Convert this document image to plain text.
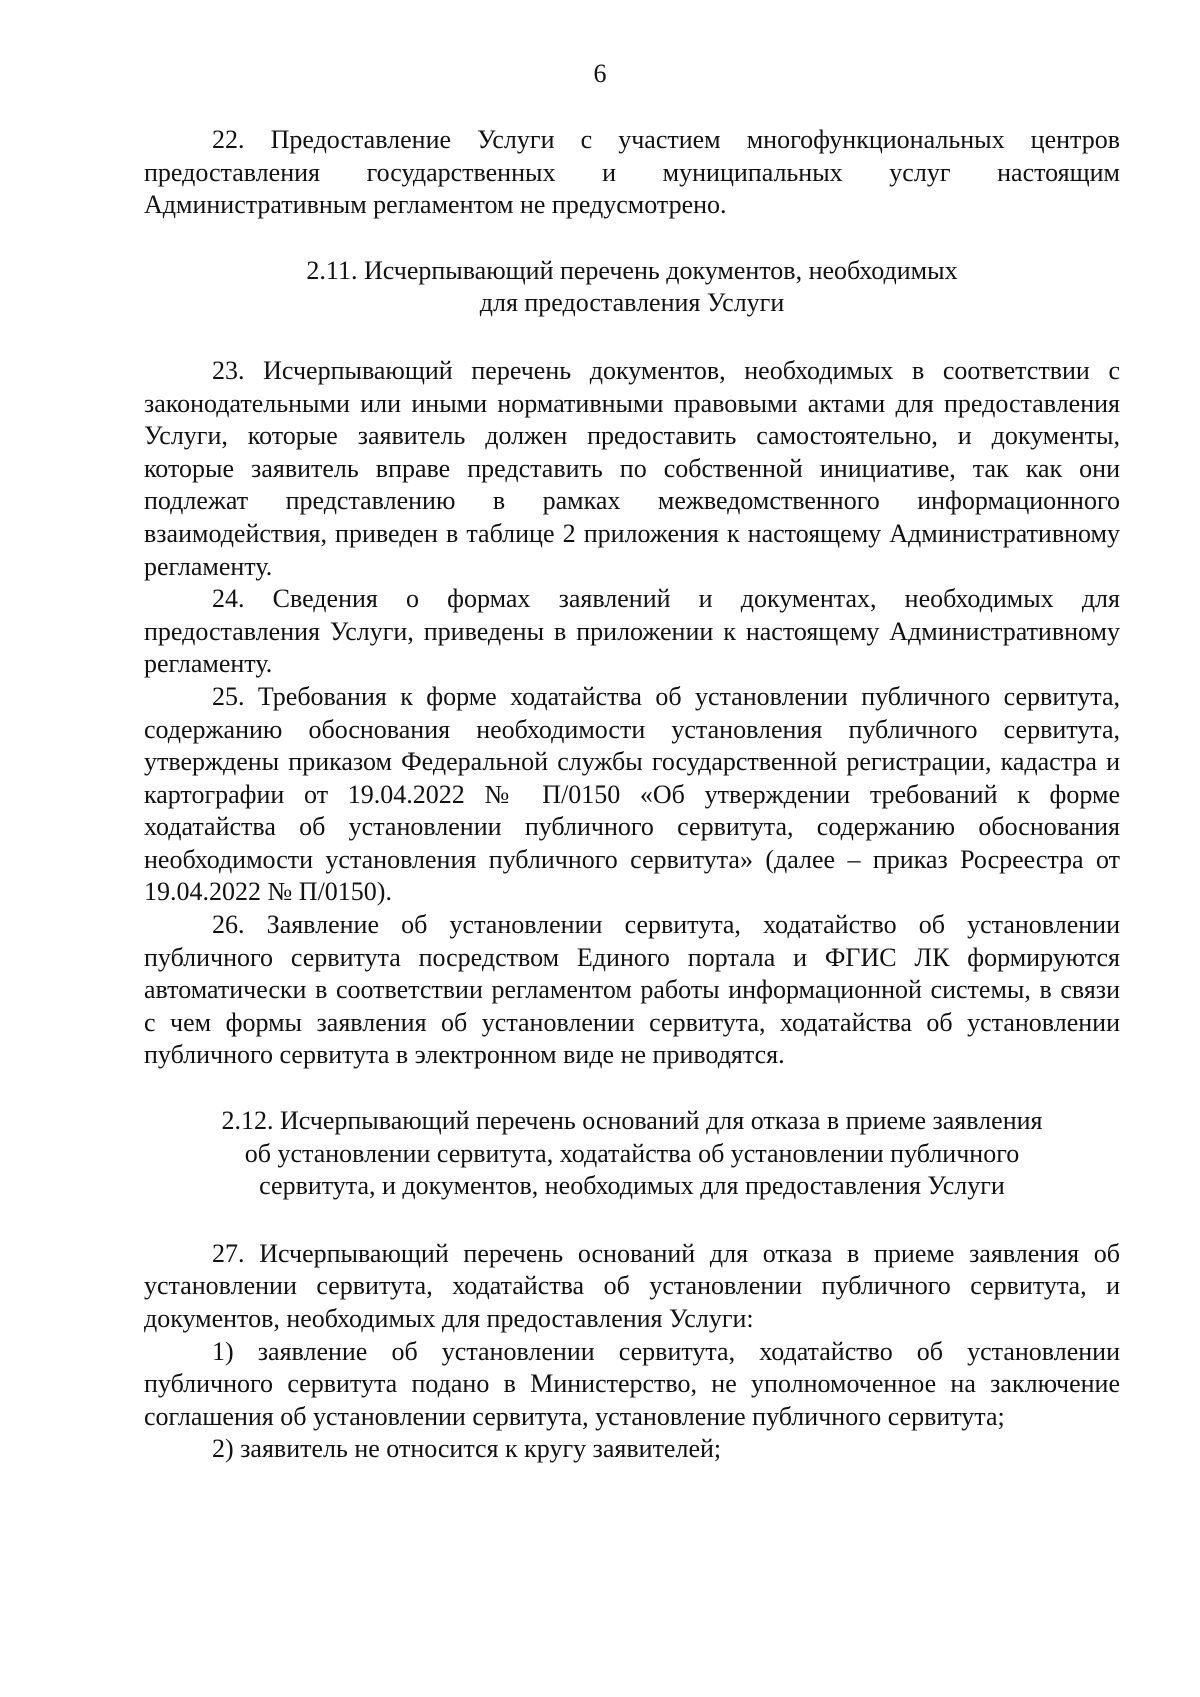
6

22. Предоставление Услуги с участием многофункциональных центров предоставления государственных и муниципальных услуг настоящим Административным регламентом не предусмотрено.

2.11. Исчерпывающий перечень документов, необходимых
для предоставления Услуги

23. Исчерпывающий перечень документов, необходимых в соответствии с законодательными или иными нормативными правовыми актами для предоставления Услуги, которые заявитель должен предоставить самостоятельно, и документы, которые заявитель вправе представить по собственной инициативе, так как они подлежат представлению в рамках межведомственного информационного взаимодействия, приведен в таблице 2 приложения к настоящему Административному регламенту.

24. Сведения о формах заявлений и документах, необходимых для предоставления Услуги, приведены в приложении к настоящему Административному регламенту.

25. Требования к форме ходатайства об установлении публичного сервитута, содержанию обоснования необходимости установления публичного сервитута, утверждены приказом Федеральной службы государственной регистрации, кадастра и картографии от 19.04.2022 № П/0150 «Об утверждении требований к форме ходатайства об установлении публичного сервитута, содержанию обоснования необходимости установления публичного сервитута» (далее – приказ Росреестра от 19.04.2022 № П/0150).

26. Заявление об установлении сервитута, ходатайство об установлении публичного сервитута посредством Единого портала и ФГИС ЛК формируются автоматически в соответствии регламентом работы информационной системы, в связи с чем формы заявления об установлении сервитута, ходатайства об установлении публичного сервитута в электронном виде не приводятся.

2.12. Исчерпывающий перечень оснований для отказа в приеме заявления
об установлении сервитута, ходатайства об установлении публичного
сервитута, и документов, необходимых для предоставления Услуги

27. Исчерпывающий перечень оснований для отказа в приеме заявления об установлении сервитута, ходатайства об установлении публичного сервитута, и документов, необходимых для предоставления Услуги:

1) заявление об установлении сервитута, ходатайство об установлении публичного сервитута подано в Министерство, не уполномоченное на заключение соглашения об установлении сервитута, установление публичного сервитута;

2) заявитель не относится к кругу заявителей;
